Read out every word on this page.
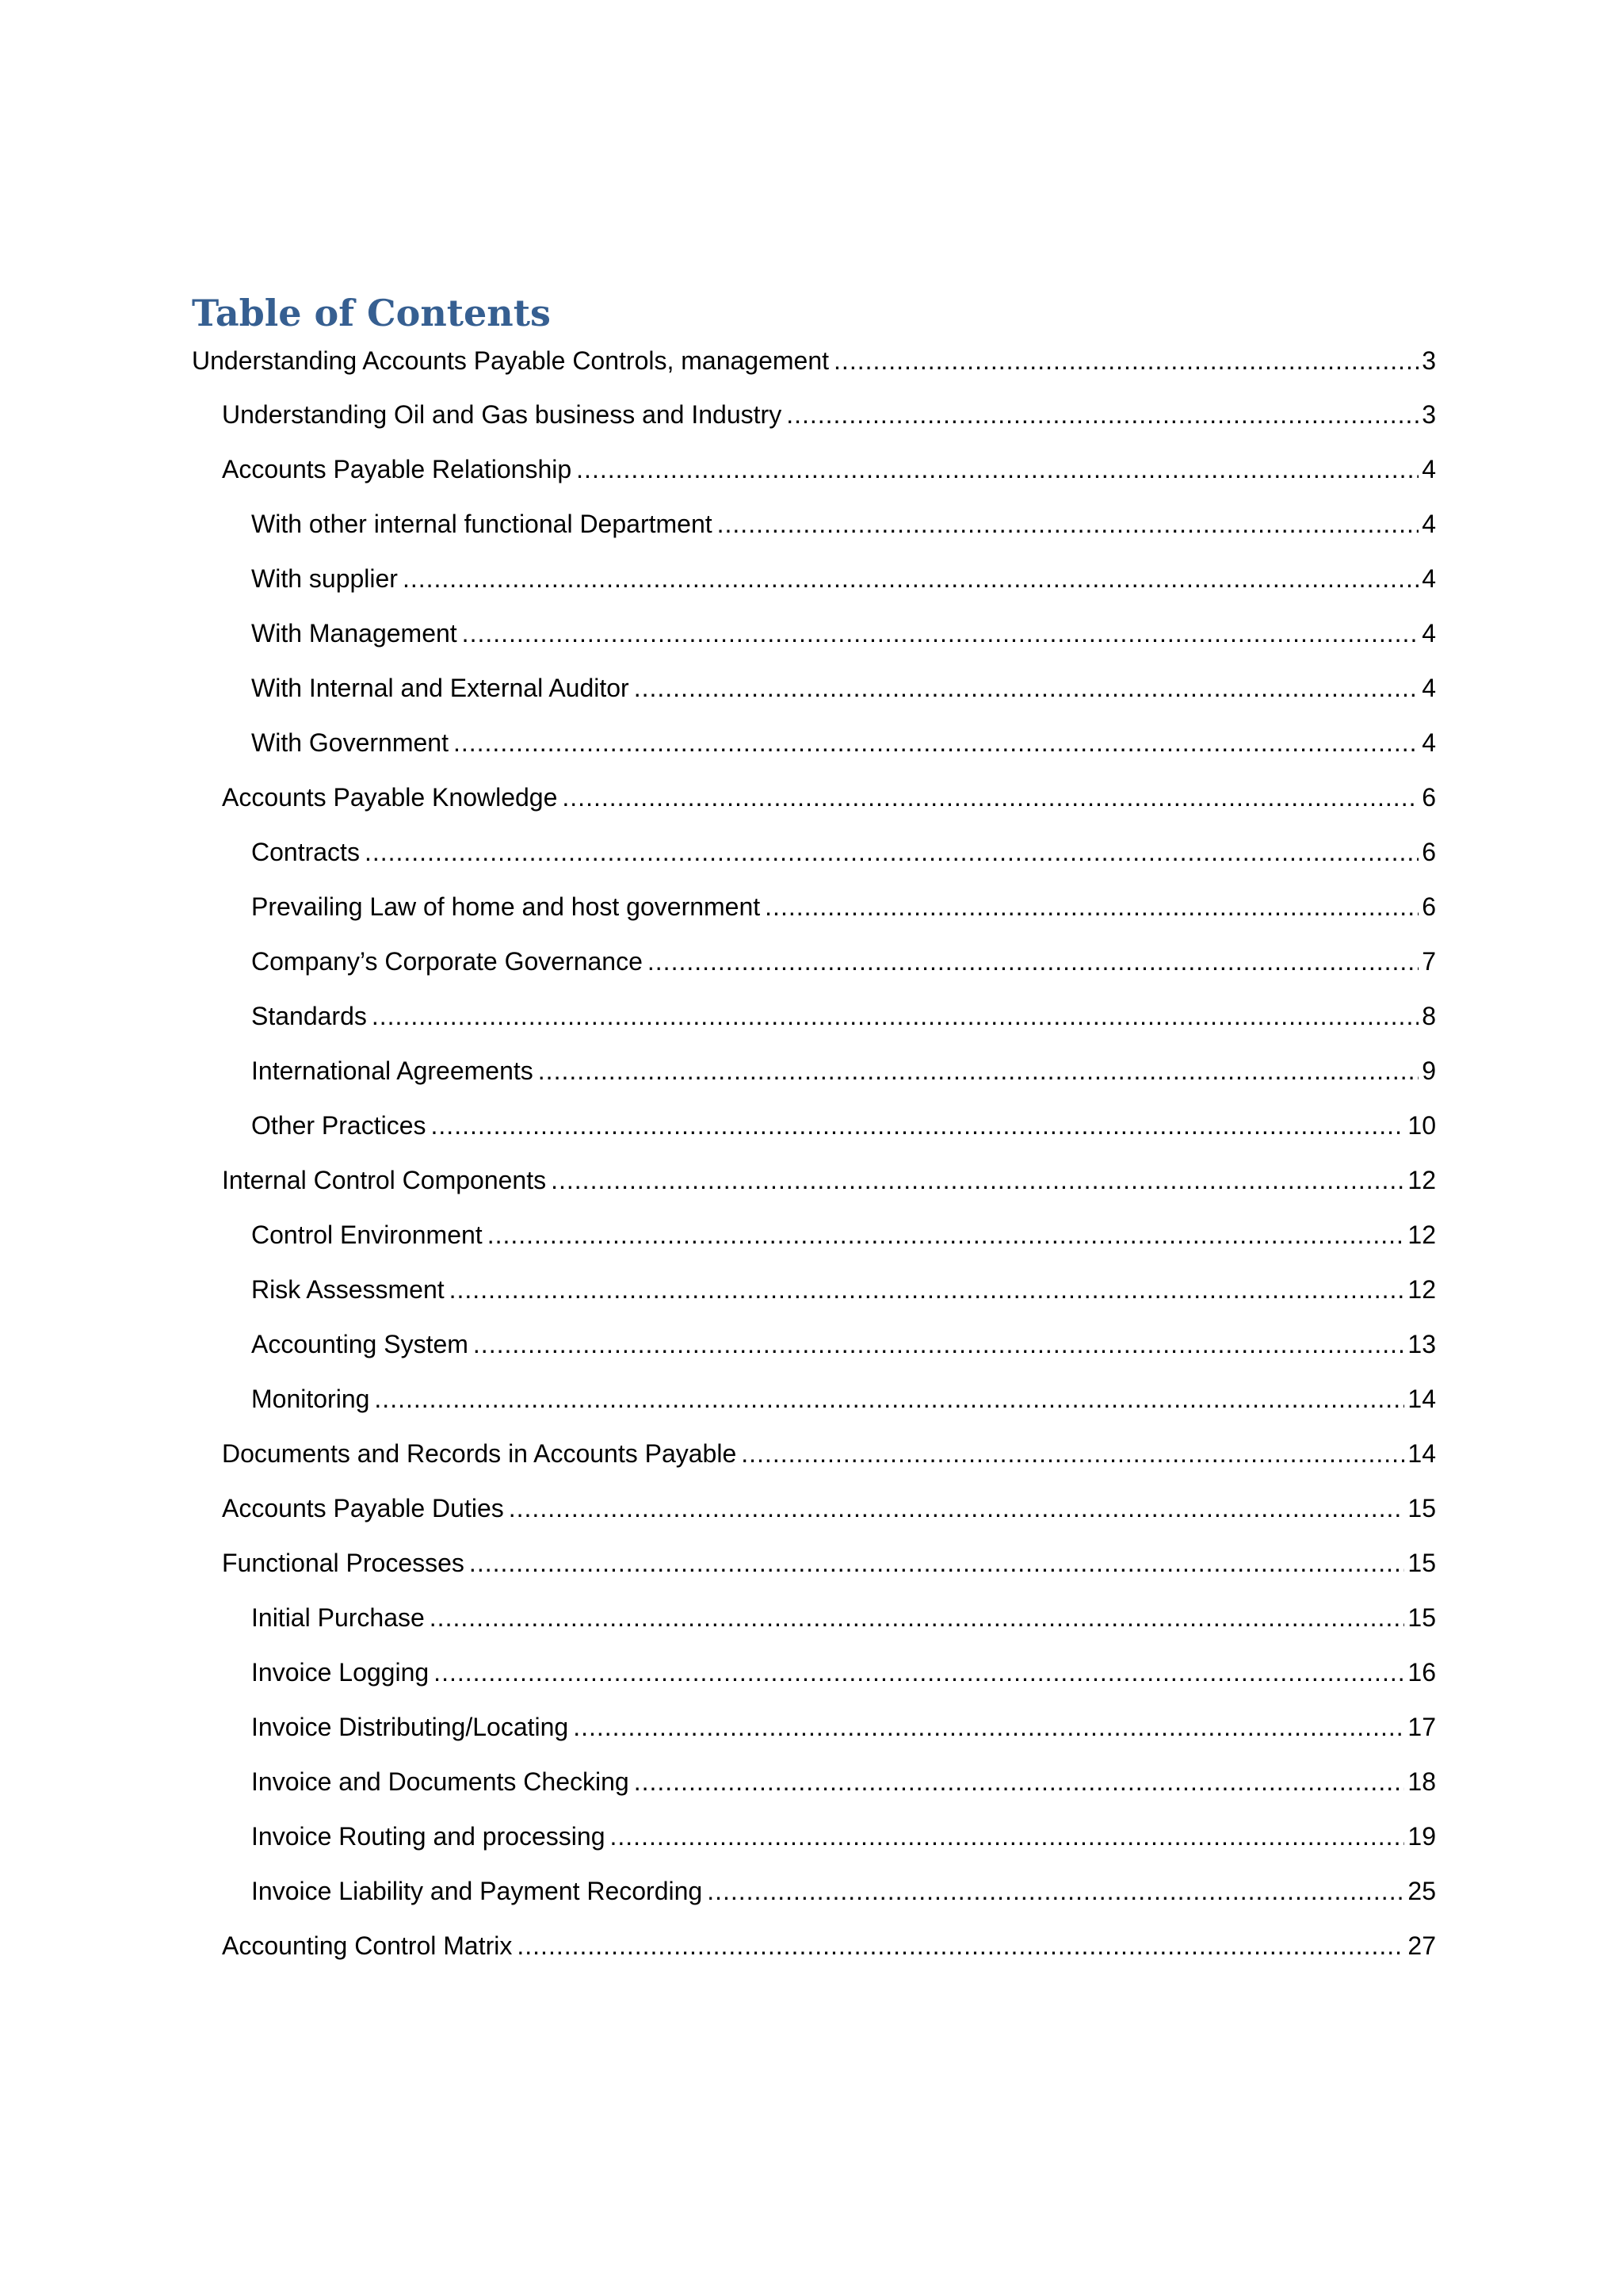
Table of Contents
Understanding Accounts Payable Controls, management .....	3
Understanding Oil and Gas business and Industry .....	3
Accounts Payable Relationship .....	4
With other internal functional Department .....	4
With supplier .....	4
With Management .....	4
With Internal and External Auditor .....	4
With Government .....	4
Accounts Payable Knowledge .....	6
Contracts .....	6
Prevailing Law of home and host government .....	6
Company’s Corporate Governance .....	7
Standards .....	8
International Agreements .....	9
Other Practices .....	10
Internal Control Components .....	12
Control Environment .....	12
Risk Assessment .....	12
Accounting System .....	13
Monitoring .....	14
Documents and Records in Accounts Payable .....	14
Accounts Payable Duties .....	15
Functional Processes .....	15
Initial Purchase .....	15
Invoice Logging .....	16
Invoice Distributing/Locating .....	17
Invoice and Documents Checking .....	18
Invoice Routing and processing .....	19
Invoice Liability and Payment Recording .....	25
Accounting Control Matrix .....	27
